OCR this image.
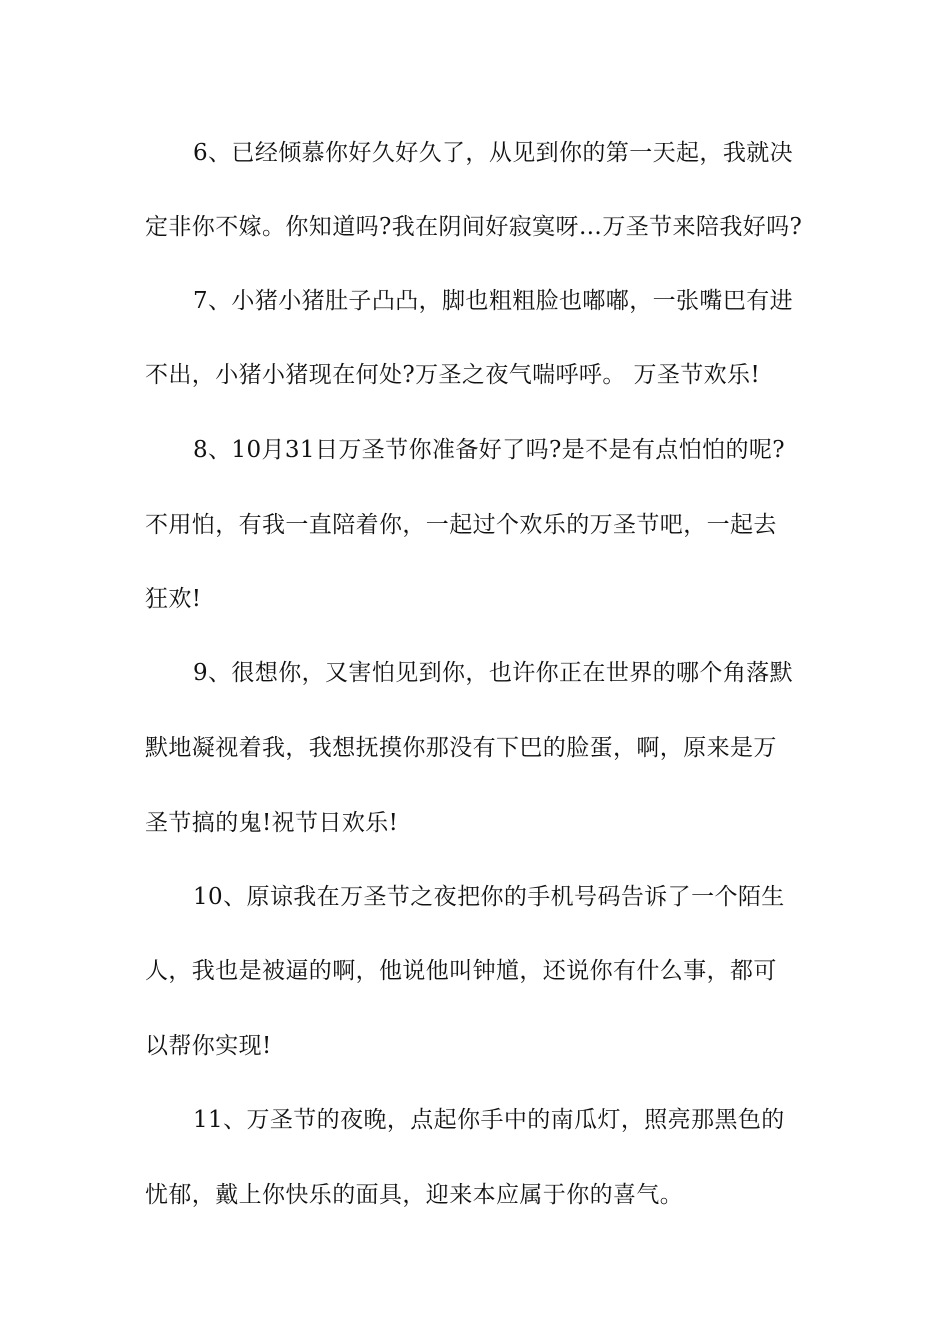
6、已经倾慕你好久好久了，从见到你的第一天起，我就决
定非你不嫁。你知道吗?我在阴间好寂寞呀…万圣节来陪我好吗?
7、小猪小猪肚子凸凸，脚也粗粗脸也嘟嘟，一张嘴巴有进
不出，小猪小猪现在何处?万圣之夜气喘呼呼。 万圣节欢乐!
8、10月31日万圣节你准备好了吗?是不是有点怕怕的呢?
不用怕，有我一直陪着你，一起过个欢乐的万圣节吧，一起去
狂欢!
9、很想你，又害怕见到你，也许你正在世界的哪个角落默
默地凝视着我，我想抚摸你那没有下巴的脸蛋，啊，原来是万
圣节搞的鬼!祝节日欢乐!
10、原谅我在万圣节之夜把你的手机号码告诉了一个陌生
人，我也是被逼的啊，他说他叫钟馗，还说你有什么事，都可
以帮你实现!
11、万圣节的夜晚，点起你手中的南瓜灯，照亮那黑色的
忧郁，戴上你快乐的面具，迎来本应属于你的喜气。
